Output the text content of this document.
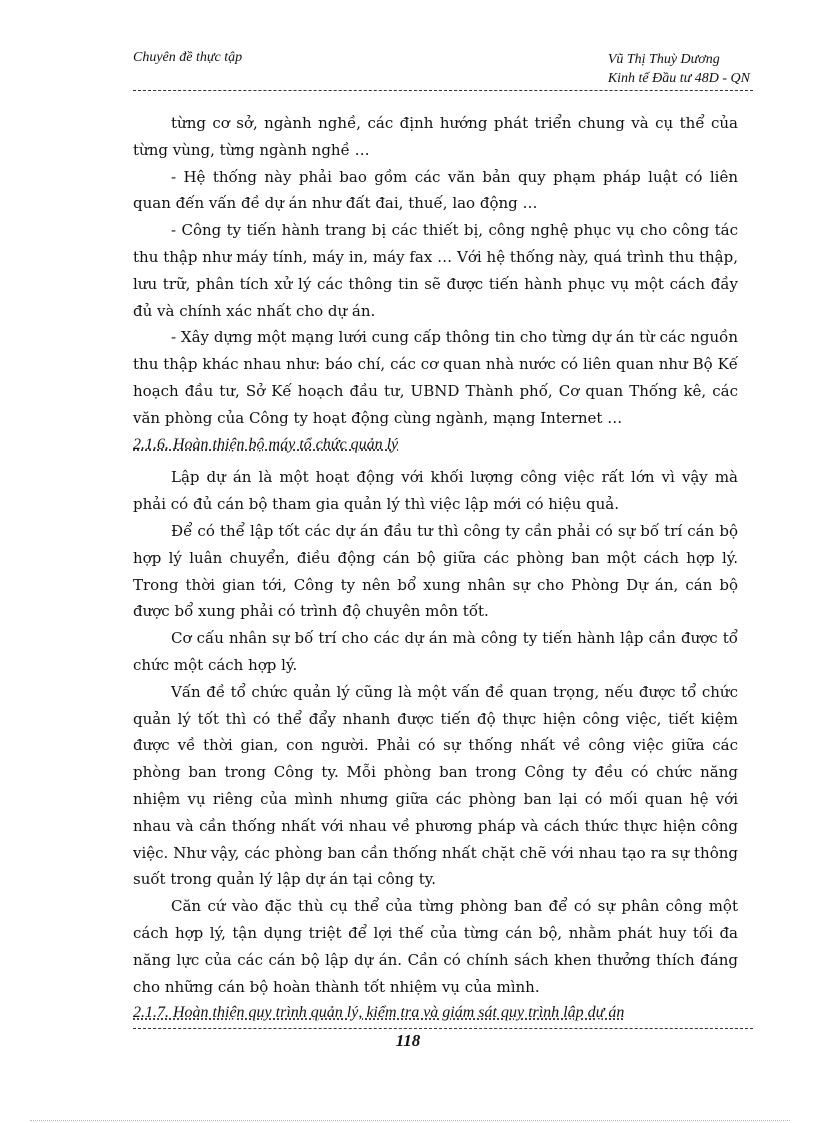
Chuyên đề thực tập	Vũ Thị Thuỳ Dương
Kinh tế Đầu tư 48D - QN

từng cơ sở, ngành nghề, các định hướng phát triển chung và cụ thể của từng vùng, từng ngành nghề …

- Hệ thống này phải bao gồm các văn bản quy phạm pháp luật có liên quan đến vấn đề dự án như đất đai, thuế, lao động …

- Công ty tiến hành trang bị các thiết bị, công nghệ phục vụ cho công tác thu thập như máy tính, máy in, máy fax … Với hệ thống này, quá trình thu thập, lưu trữ, phân tích xử lý các thông tin sẽ được tiến hành phục vụ một cách đầy đủ và chính xác nhất cho dự án.

- Xây dựng một mạng lưới cung cấp thông tin cho từng dự án từ các nguồn thu thập khác nhau như: báo chí, các cơ quan nhà nước có liên quan như Bộ Kế hoạch đầu tư, Sở Kế hoạch đầu tư, UBND Thành phố, Cơ quan Thống kê, các văn phòng của Công ty hoạt động cùng ngành, mạng Internet …

2.1.6. Hoàn thiện bộ máy tổ chức quản lý

Lập dự án là một hoạt động với khối lượng công việc rất lớn vì vậy mà phải có đủ cán bộ tham gia quản lý thì việc lập mới có hiệu quả.

Để có thể lập tốt các dự án đầu tư thì công ty cần phải có sự bố trí cán bộ hợp lý luân chuyển, điều động cán bộ giữa các phòng ban một cách hợp lý. Trong thời gian tới, Công ty nên bổ xung nhân sự cho Phòng Dự án, cán bộ được bổ xung phải có trình độ chuyên môn tốt.

Cơ cấu nhân sự bố trí cho các dự án mà công ty tiến hành lập cần được tổ chức một cách hợp lý.

Vấn đề tổ chức quản lý cũng là một vấn đề quan trọng, nếu được tổ chức quản lý tốt thì có thể đẩy nhanh được tiến độ thực hiện công việc, tiết kiệm được về thời gian, con người. Phải có sự thống nhất về công việc giữa các phòng ban trong Công ty. Mỗi phòng ban trong Công ty đều có chức năng nhiệm vụ riêng của mình nhưng giữa các phòng ban lại có mối quan hệ với nhau và cần thống nhất với nhau về phương pháp và cách thức thực hiện công việc. Như vậy, các phòng ban cần thống nhất chặt chẽ với nhau tạo ra sự thông suốt trong quản lý lập dự án tại công ty.

Căn cứ vào đặc thù cụ thể của từng phòng ban để có sự phân công một cách hợp lý, tận dụng triệt để lợi thế của từng cán bộ, nhằm phát huy tối đa năng lực của các cán bộ lập dự án. Cần có chính sách khen thưởng thích đáng cho những cán bộ hoàn thành tốt nhiệm vụ của mình.

2.1.7. Hoàn thiện quy trình quản lý, kiểm tra và giám sát quy trình lập dự án
118
